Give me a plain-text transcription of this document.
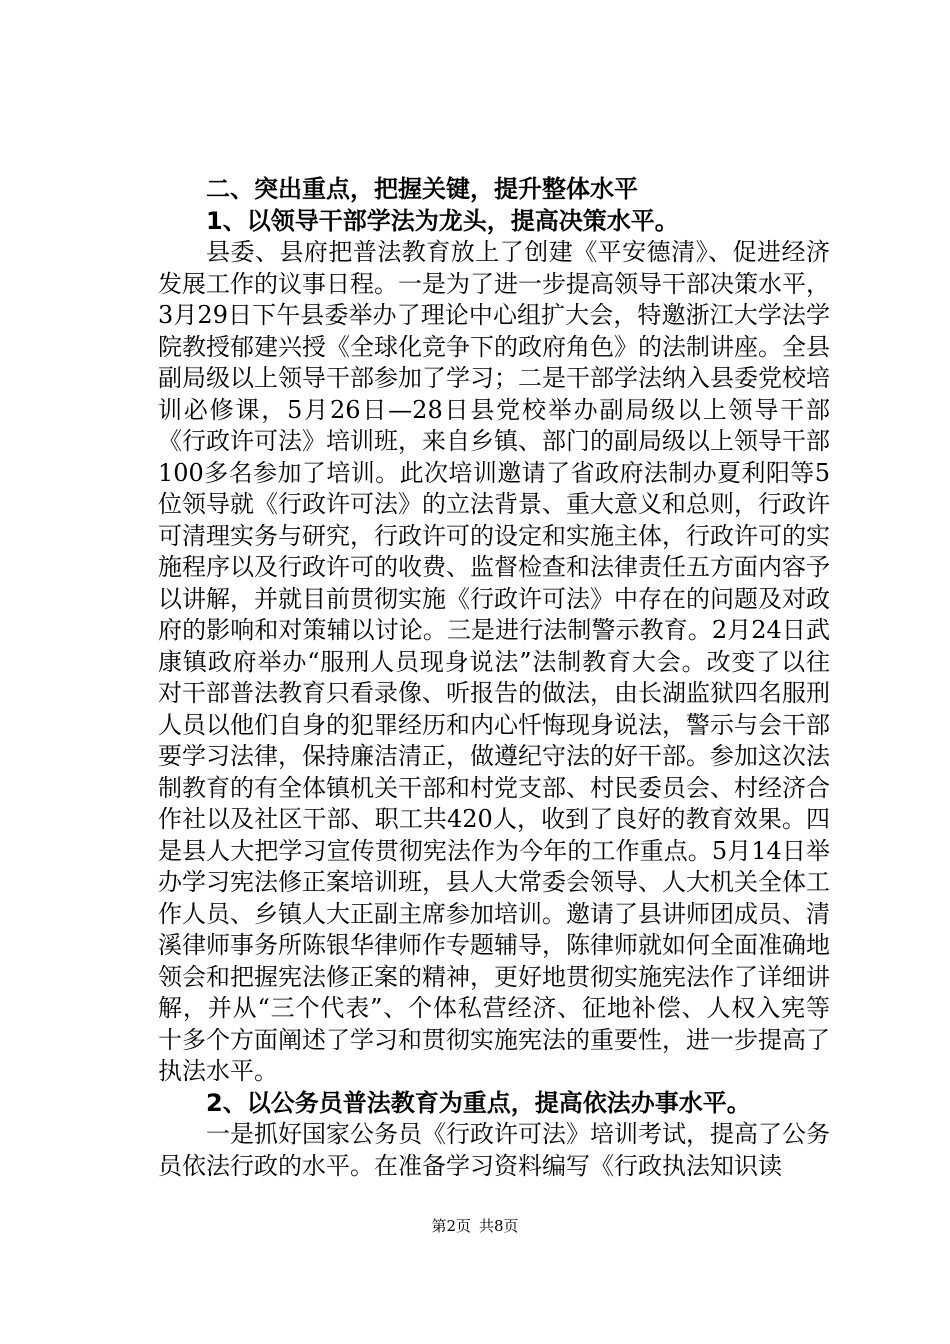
二、突出重点，把握关键，提升整体水平

1、以领导干部学法为龙头，提高决策水平。

县委、县府把普法教育放上了创建《平安德清》、促进经济发展工作的议事日程。一是为了进一步提高领导干部决策水平，3月29日下午县委举办了理论中心组扩大会，特邀浙江大学法学院教授郁建兴授《全球化竞争下的政府角色》的法制讲座。全县副局级以上领导干部参加了学习；二是干部学法纳入县委党校培训必修课，5月26日—28日县党校举办副局级以上领导干部《行政许可法》培训班，来自乡镇、部门的副局级以上领导干部100多名参加了培训。此次培训邀请了省政府法制办夏利阳等5位领导就《行政许可法》的立法背景、重大意义和总则，行政许可清理实务与研究，行政许可的设定和实施主体，行政许可的实施程序以及行政许可的收费、监督检查和法律责任五方面内容予以讲解，并就目前贯彻实施《行政许可法》中存在的问题及对政府的影响和对策辅以讨论。三是进行法制警示教育。2月24日武康镇政府举办“服刑人员现身说法”法制教育大会。改变了以往对干部普法教育只看录像、听报告的做法，由长湖监狱四名服刑人员以他们自身的犯罪经历和内心忏悔现身说法，警示与会干部要学习法律，保持廉洁清正，做遵纪守法的好干部。参加这次法制教育的有全体镇机关干部和村党支部、村民委员会、村经济合作社以及社区干部、职工共420人，收到了良好的教育效果。四是县人大把学习宣传贯彻宪法作为今年的工作重点。5月14日举办学习宪法修正案培训班，县人大常委会领导、人大机关全体工作人员、乡镇人大正副主席参加培训。邀请了县讲师团成员、清溪律师事务所陈银华律师作专题辅导，陈律师就如何全面准确地领会和把握宪法修正案的精神，更好地贯彻实施宪法作了详细讲解，并从“三个代表”、个体私营经济、征地补偿、人权入宪等十多个方面阐述了学习和贯彻实施宪法的重要性，进一步提高了执法水平。

2、以公务员普法教育为重点，提高依法办事水平。

一是抓好国家公务员《行政许可法》培训考试，提高了公务员依法行政的水平。在准备学习资料编写《行政执法知识读

第2页 共8页
